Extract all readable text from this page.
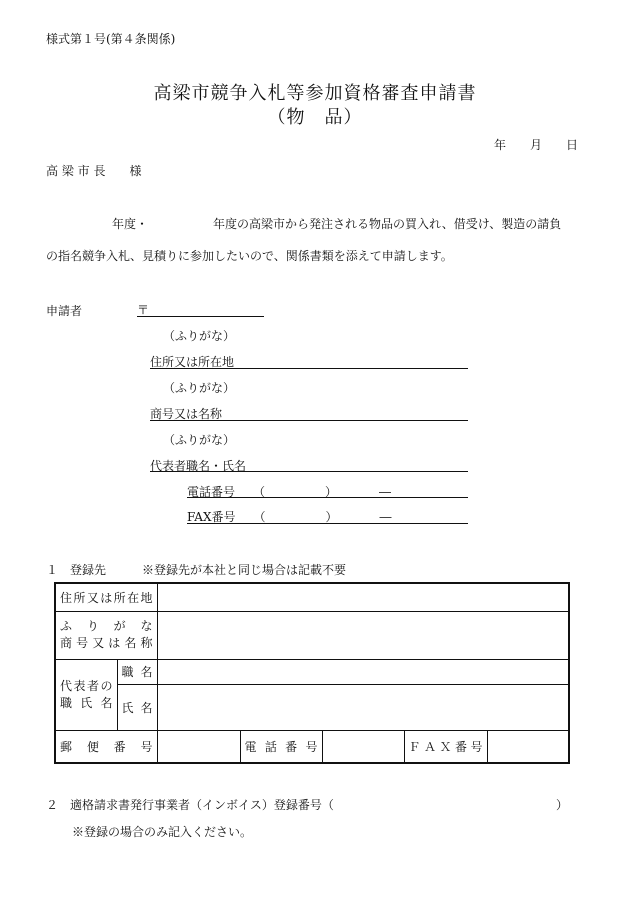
様式第１号(第４条関係)
高梁市競争入札等参加資格審査申請書
（物　品）
年　　月　　日
高 梁 市 長　　様
年度・	年度の高梁市から発注される物品の買入れ、借受け、製造の請負
の指名競争入札、見積りに参加したいので、関係書類を添えて申請します。
申請者	〒
（ふりがな）
住所又は所在地
（ふりがな）
商号又は名称
（ふりがな）
代表者職名・氏名
電話番号　　（　　　　　）　　　　―
FAX番号　　（　　　　　）　　　　―
１　登録先	※登録先が本社と同じ場合は記載不要
住所又は所在地						

ふ　り　が　な
商号又は名称						

代表者の
職 氏 名	職名					

	氏 名					

郵　便　番　号			電 話 番 号		ＦＡＸ番号	

２　適格請求書発行事業者（インボイス）登録番号（	）
※登録の場合のみ記入ください。
